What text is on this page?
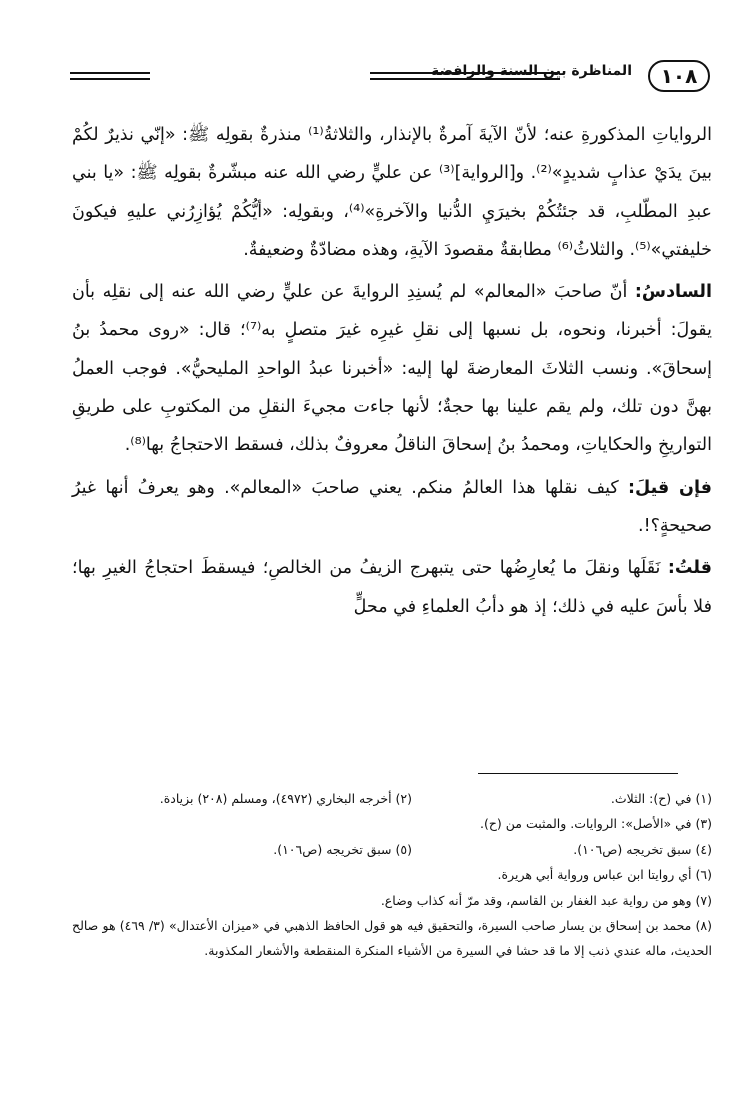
المناظرة بين السنة والرافضة	١٠٨

الرواياتِ المذكورةِ عنه؛ لأنّ الآيةَ آمرةٌ بالإنذار، والثلاثةُ⁽¹⁾ منذرةٌ بقولِه ﷺ: «إنّي نذيرٌ لكُمْ بينَ يدَيْ عذابٍ شديدٍ»⁽²⁾. و[الرواية]⁽³⁾ عن عليٍّ رضي الله عنه مبشّرةٌ بقولِه ﷺ: «يا بني عبدِ المطّلبِ، قد جئتُكُمْ بخيرَيِ الدُّنيا والآخرةِ»⁽⁴⁾، وبقولِه: «أيُّكُمْ يُؤازِرُني عليهِ فيكونَ خليفتي»⁽⁵⁾. والثلاثُ⁽⁶⁾ مطابقةٌ مقصودَ الآيةِ، وهذه مضادّةٌ وضعيفةٌ.

السادسُ: أنّ صاحبَ «المعالم» لم يُسنِدِ الروايةَ عن عليٍّ رضي الله عنه إلى نقلِه بأن يقولَ: أخبرنا، ونحوه، بل نسبها إلى نقلِ غيرِه غيرَ متصلٍ به⁽⁷⁾؛ قال: «روى محمدُ بنُ إسحاقَ». ونسب الثلاثَ المعارضةَ لها إليه: «أخبرنا عبدُ الواحدِ المليحيُّ». فوجب العملُ بهنَّ دون تلك، ولم يقم علينا بها حجةٌ؛ لأنها جاءت مجيءَ النقلِ من المكتوبِ على طريقِ التواريخِ والحكاياتِ، ومحمدُ بنُ إسحاقَ الناقلُ معروفٌ بذلك، فسقط الاحتجاجُ بها⁽⁸⁾.

فإن قيلَ: كيف نقلها هذا العالمُ منكم. يعني صاحبَ «المعالم». وهو يعرفُ أنها غيرُ صحيحةٍ؟!.

قلتُ: نَقَلَها ونقلَ ما يُعارِضُها حتى يتبهرج الزيفُ من الخالصِ؛ فيسقطَ احتجاجُ الغيرِ بها؛ فلا بأسَ عليه في ذلك؛ إذ هو دأبُ العلماءِ في محلٍّ

(١) في (ح): الثلاث.
(٢) أخرجه البخاري (٤٩٧٢)، ومسلم (٢٠٨) بزيادة.
(٣) في «الأصل»: الروايات. والمثبت من (ح).
(٤) سبق تخريجه (ص١٠٦).
(٥) سبق تخريجه (ص١٠٦).
(٦) أي روايتا ابن عباس ورواية أبي هريرة.
(٧) وهو من رواية عبد الغفار بن القاسم، وقد مرّ أنه كذاب وضاع.
(٨) محمد بن إسحاق بن يسار صاحب السيرة، والتحقيق فيه هو قول الحافظ الذهبي في «ميزان الأعتدال» (٣/ ٤٦٩) هو صالح الحديث، ماله عندي ذنب إلا ما قد حشا في السيرة من الأشياء المنكرة المنقطعة والأشعار المكذوبة.
